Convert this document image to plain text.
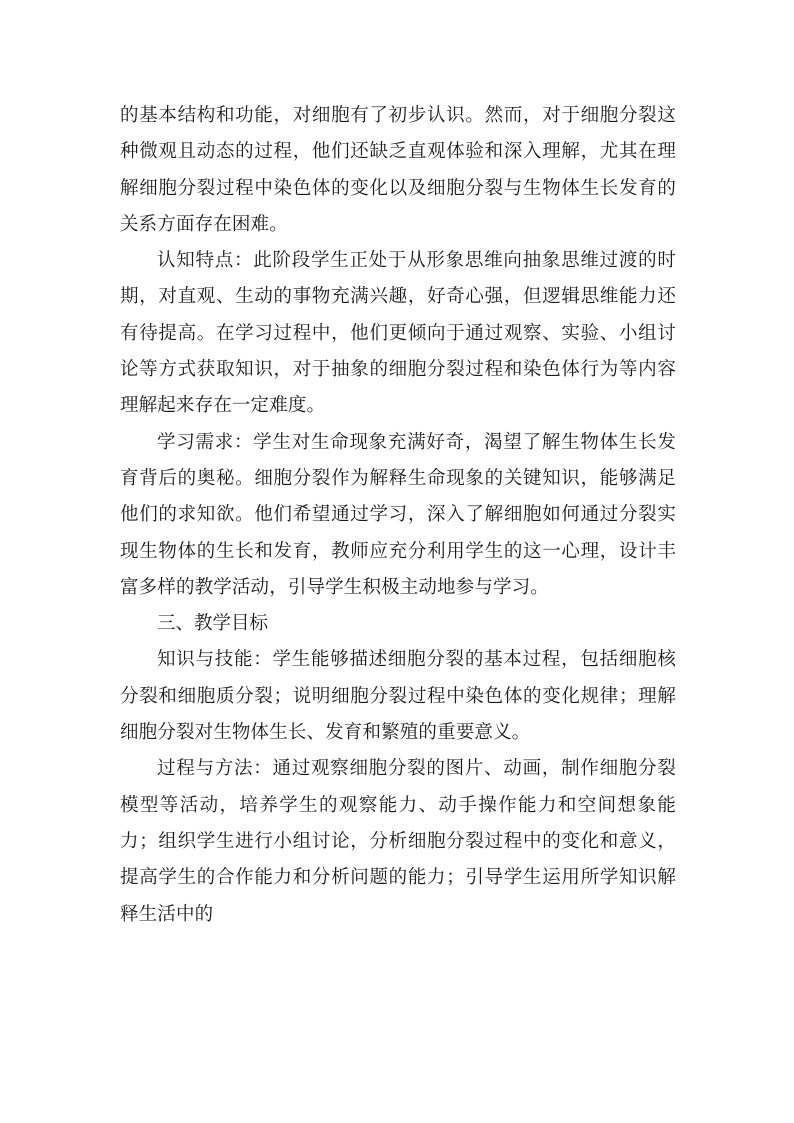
的基本结构和功能，对细胞有了初步认识。然而，对于细胞分裂这种微观且动态的过程，他们还缺乏直观体验和深入理解，尤其在理解细胞分裂过程中染色体的变化以及细胞分裂与生物体生长发育的关系方面存在困难。

认知特点：此阶段学生正处于从形象思维向抽象思维过渡的时期，对直观、生动的事物充满兴趣，好奇心强，但逻辑思维能力还有待提高。在学习过程中，他们更倾向于通过观察、实验、小组讨论等方式获取知识，对于抽象的细胞分裂过程和染色体行为等内容理解起来存在一定难度。

学习需求：学生对生命现象充满好奇，渴望了解生物体生长发育背后的奥秘。细胞分裂作为解释生命现象的关键知识，能够满足他们的求知欲。他们希望通过学习，深入了解细胞如何通过分裂实现生物体的生长和发育，教师应充分利用学生的这一心理，设计丰富多样的教学活动，引导学生积极主动地参与学习。

三、教学目标

知识与技能：学生能够描述细胞分裂的基本过程，包括细胞核分裂和细胞质分裂；说明细胞分裂过程中染色体的变化规律；理解细胞分裂对生物体生长、发育和繁殖的重要意义。

过程与方法：通过观察细胞分裂的图片、动画，制作细胞分裂模型等活动，培养学生的观察能力、动手操作能力和空间想象能力；组织学生进行小组讨论，分析细胞分裂过程中的变化和意义，提高学生的合作能力和分析问题的能力；引导学生运用所学知识解释生活中的
